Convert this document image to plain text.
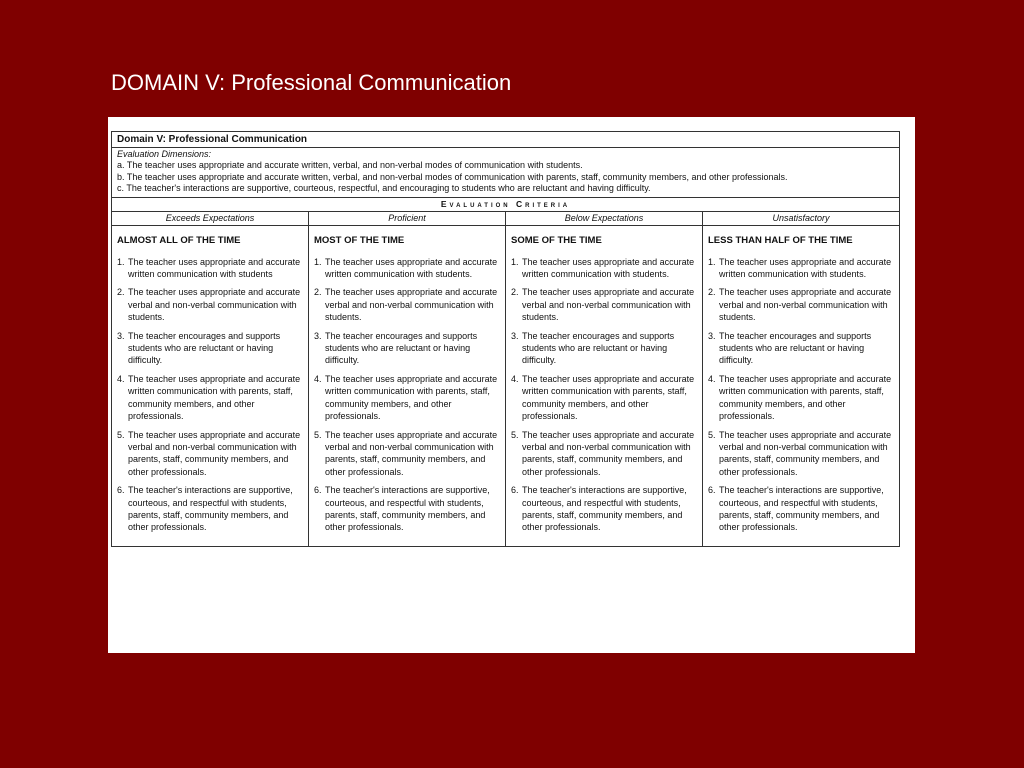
DOMAIN V: Professional Communication
Domain V: Professional Communication
Evaluation Dimensions:
a. The teacher uses appropriate and accurate written, verbal, and non-verbal modes of communication with students.
b. The teacher uses appropriate and accurate written, verbal, and non-verbal modes of communication with parents, staff, community members, and other professionals.
c. The teacher's interactions are supportive, courteous, respectful, and encouraging to students who are reluctant and having difficulty.
Evaluation Criteria
Exceeds Expectations
ALMOST ALL OF THE TIME
1. The teacher uses appropriate and accurate written communication with students
2. The teacher uses appropriate and accurate verbal and non-verbal communication with students.
3. The teacher encourages and supports students who are reluctant or having difficulty.
4. The teacher uses appropriate and accurate written communication with parents, staff, community members, and other professionals.
5. The teacher uses appropriate and accurate verbal and non-verbal communication with parents, staff, community members, and other professionals.
6. The teacher's interactions are supportive, courteous, and respectful with students, parents, staff, community members, and other professionals.
Proficient
MOST OF THE TIME
1. The teacher uses appropriate and accurate written communication with students.
2. The teacher uses appropriate and accurate verbal and non-verbal communication with students.
3. The teacher encourages and supports students who are reluctant or having difficulty.
4. The teacher uses appropriate and accurate written communication with parents, staff, community members, and other professionals.
5. The teacher uses appropriate and accurate verbal and non-verbal communication with parents, staff, community members, and other professionals.
6. The teacher's interactions are supportive, courteous, and respectful with students, parents, staff, community members, and other professionals.
Below Expectations
SOME OF THE TIME
1. The teacher uses appropriate and accurate written communication with students.
2. The teacher uses appropriate and accurate verbal and non-verbal communication with students.
3. The teacher encourages and supports students who are reluctant or having difficulty.
4. The teacher uses appropriate and accurate written communication with parents, staff, community members, and other professionals.
5. The teacher uses appropriate and accurate verbal and non-verbal communication with parents, staff, community members, and other professionals.
6. The teacher's interactions are supportive, courteous, and respectful with students, parents, staff, community members, and other professionals.
Unsatisfactory
LESS THAN HALF OF THE TIME
1. The teacher uses appropriate and accurate written communication with students.
2. The teacher uses appropriate and accurate verbal and non-verbal communication with students.
3. The teacher encourages and supports students who are reluctant or having difficulty.
4. The teacher uses appropriate and accurate written communication with parents, staff, community members, and other professionals.
5. The teacher uses appropriate and accurate verbal and non-verbal communication with parents, staff, community members, and other professionals.
6. The teacher's interactions are supportive, courteous, and respectful with students, parents, staff, community members, and other professionals.
